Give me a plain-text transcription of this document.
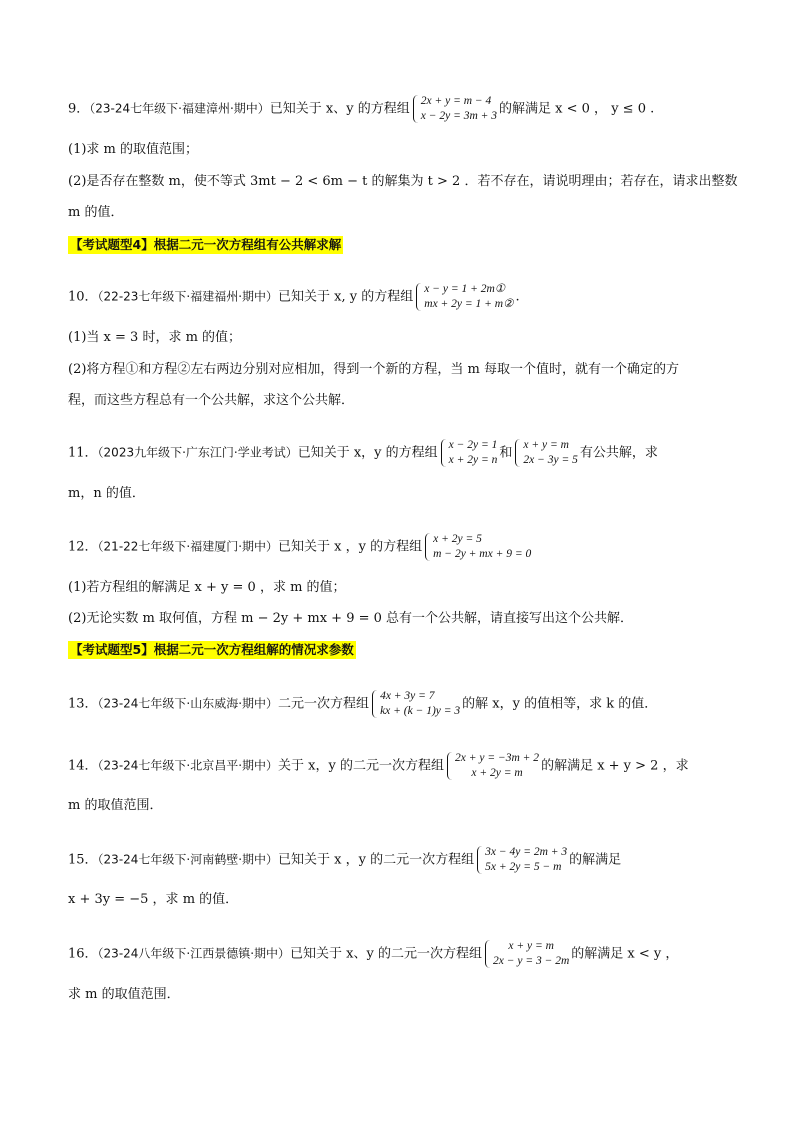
9．（23-24七年级下·福建漳州·期中）已知关于 x、y 的方程组
2x + y = m − 4
x − 2y = 3m + 3 的解满足 x < 0 ， y ≤ 0 .
(1)求 m 的取值范围；
(2)是否存在整数 m，使不等式 3mt − 2 < 6m − t 的解集为 t > 2 ．若不存在，请说明理由；若存在，请求出整数
m 的值．
【考试题型4】根据二元一次方程组有公共解求解
10．（22-23七年级下·福建福州·期中）已知关于 x, y 的方程组
x − y = 1 + 2m①
mx + 2y = 1 + m② .
(1)当 x = 3 时，求 m 的值；
(2)将方程①和方程②左右两边分别对应相加，得到一个新的方程，当 m 每取一个值时，就有一个确定的方
程，而这些方程总有一个公共解，求这个公共解．
11．（2023九年级下·广东江门·学业考试）已知关于 x，y 的方程组
x − 2y = 1
x + 2y = n 和
x + y = m
2x − 3y = 5 有公共解，求
m，n 的值．
12．（21-22七年级下·福建厦门·期中）已知关于 x ，y 的方程组
x + 2y = 5
m − 2y + mx + 9 = 0
(1)若方程组的解满足 x + y = 0 ，求 m 的值；
(2)无论实数 m 取何值，方程 m − 2y + mx + 9 = 0 总有一个公共解，请直接写出这个公共解．
【考试题型5】根据二元一次方程组解的情况求参数
13．（23-24七年级下·山东威海·期中）二元一次方程组
4x + 3y = 7
kx + (k − 1)y = 3 的解 x，y 的值相等，求 k 的值．
14．（23-24七年级下·北京昌平·期中）关于 x，y 的二元一次方程组
2x + y = −3m + 2
x + 2y = m	的解满足 x + y > 2 ，求
m 的取值范围．
15．（23-24七年级下·河南鹤壁·期中）已知关于 x ，y 的二元一次方程组
3x − 4y = 2m + 3
5x + 2y = 5 − m 的解满足
x + 3y = −5 ，求 m 的值．
16．（23-24八年级下·江西景德镇·期中）已知关于 x、y 的二元一次方程组
x + y = m
2x − y = 3 − 2m 的解满足 x < y ，
求 m 的取值范围．
